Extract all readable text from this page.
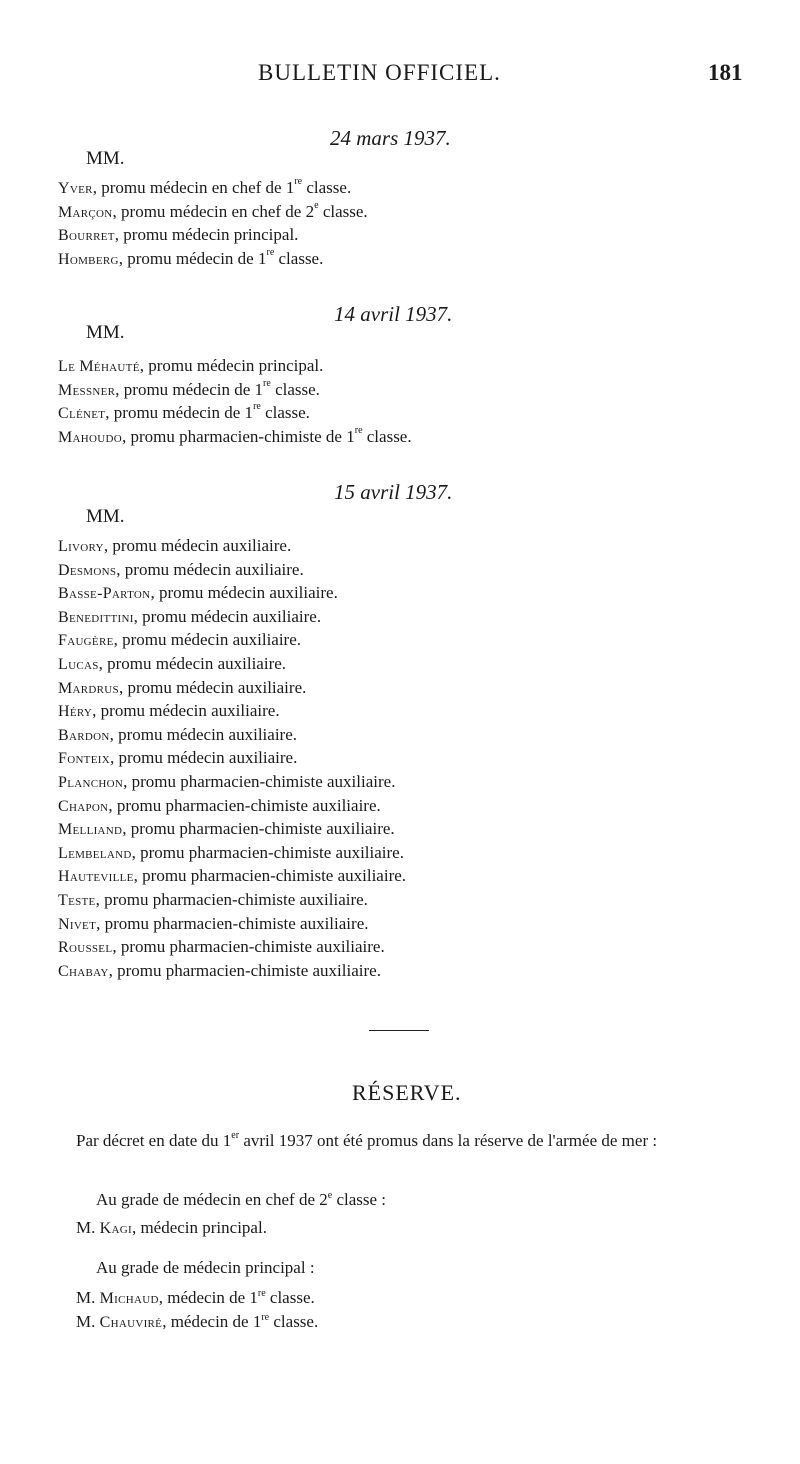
BULLETIN OFFICIEL.	181
24 mars 1937.
MM.
Yver, promu médecin en chef de 1re classe.
Marçon, promu médecin en chef de 2e classe.
Bourret, promu médecin principal.
Homberg, promu médecin de 1re classe.
14 avril 1937.
MM.
Le Méhauté, promu médecin principal.
Messner, promu médecin de 1re classe.
Clénet, promu médecin de 1re classe.
Mahoudo, promu pharmacien-chimiste de 1re classe.
15 avril 1937.
MM.
Livory, promu médecin auxiliaire.
Desmons, promu médecin auxiliaire.
Basse-Parton, promu médecin auxiliaire.
Benedittini, promu médecin auxiliaire.
Faugère, promu médecin auxiliaire.
Lucas, promu médecin auxiliaire.
Mardrus, promu médecin auxiliaire.
Héry, promu médecin auxiliaire.
Bardon, promu médecin auxiliaire.
Fonteix, promu médecin auxiliaire.
Planchon, promu pharmacien-chimiste auxiliaire.
Chapon, promu pharmacien-chimiste auxiliaire.
Melliand, promu pharmacien-chimiste auxiliaire.
Lembeland, promu pharmacien-chimiste auxiliaire.
Hauteville, promu pharmacien-chimiste auxiliaire.
Teste, promu pharmacien-chimiste auxiliaire.
Nivet, promu pharmacien-chimiste auxiliaire.
Roussel, promu pharmacien-chimiste auxiliaire.
Chabay, promu pharmacien-chimiste auxiliaire.
RÉSERVE.
Par décret en date du 1er avril 1937 ont été promus dans la réserve de l'armée de mer :
Au grade de médecin en chef de 2e classe :
M. Kagi, médecin principal.
Au grade de médecin principal :
M. Michaud, médecin de 1re classe.
M. Chauviré, médecin de 1re classe.
